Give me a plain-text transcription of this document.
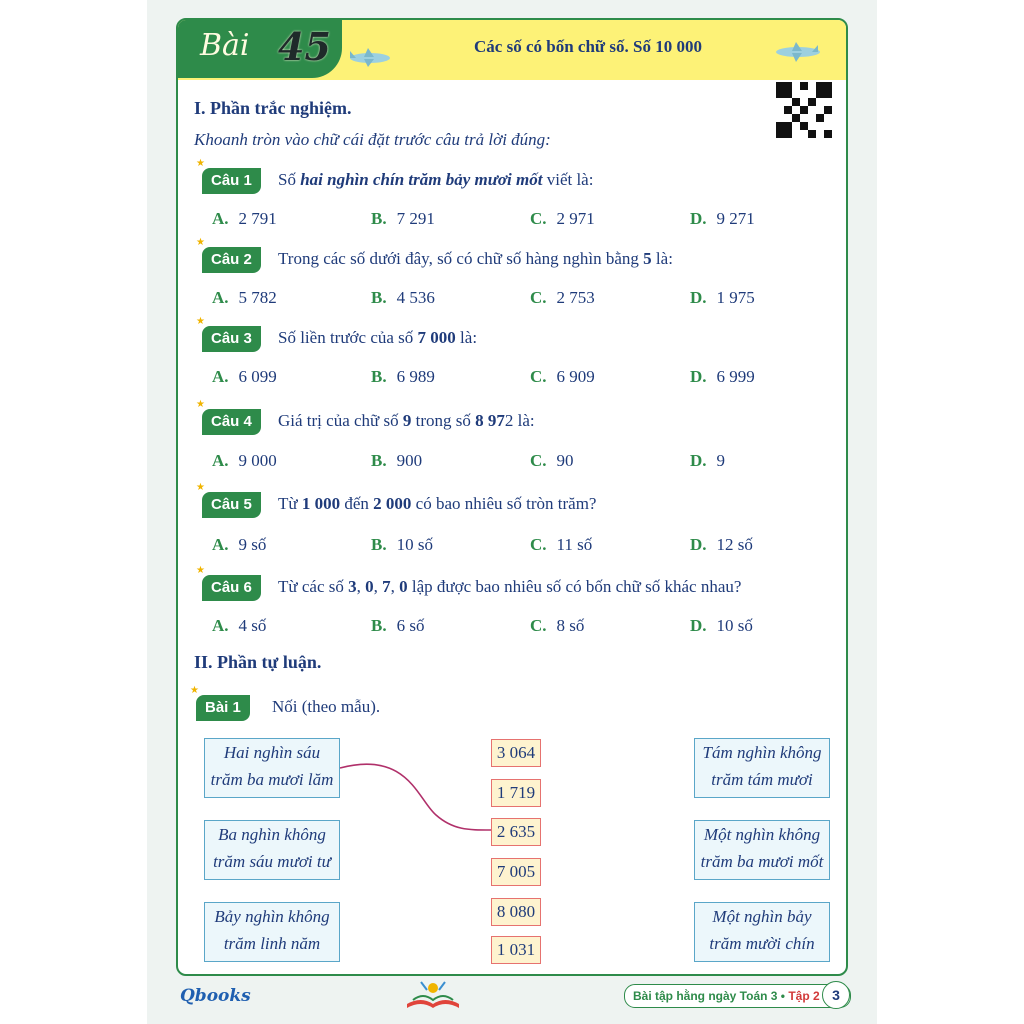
Bài 45	Các số có bốn chữ số. Số 10 000
I. Phần trắc nghiệm.
Khoanh tròn vào chữ cái đặt trước câu trả lời đúng:
★
Câu 1	Số hai nghìn chín trăm bảy mươi mốt viết là:
A. 2 791	B. 7 291	C. 2 971	D. 9 271
★
Câu 2	Trong các số dưới đây, số có chữ số hàng nghìn bằng 5 là:
A. 5 782	B. 4 536	C. 2 753	D. 1 975
★
Câu 3	Số liền trước của số 7 000 là:
A. 6 099	B. 6 989	C. 6 909	D. 6 999
★
Câu 4	Giá trị của chữ số 9 trong số 8 972 là:
A. 9 000	B. 900	C. 90	D. 9
★
Câu 5	Từ 1 000 đến 2 000 có bao nhiêu số tròn trăm?
A. 9 số	B. 10 số	C. 11 số	D. 12 số
★
Câu 6	Từ các số 3, 0, 7, 0 lập được bao nhiêu số có bốn chữ số khác nhau?
A. 4 số	B. 6 số	C. 8 số	D. 10 số
II. Phần tự luận.
★
Bài 1	Nối (theo mẫu).
Hai nghìn sáu
trăm ba mươi lăm
Ba nghìn không
trăm sáu mươi tư
Bảy nghìn không
trăm linh năm
3 064
1 719
2 635
7 005
8 080
1 031
Tám nghìn không
trăm tám mươi
Một nghìn không
trăm ba mươi mốt
Một nghìn bảy
trăm mười chín
Qbooks	Bài tập hằng ngày Toán 3 • Tập 2 3
